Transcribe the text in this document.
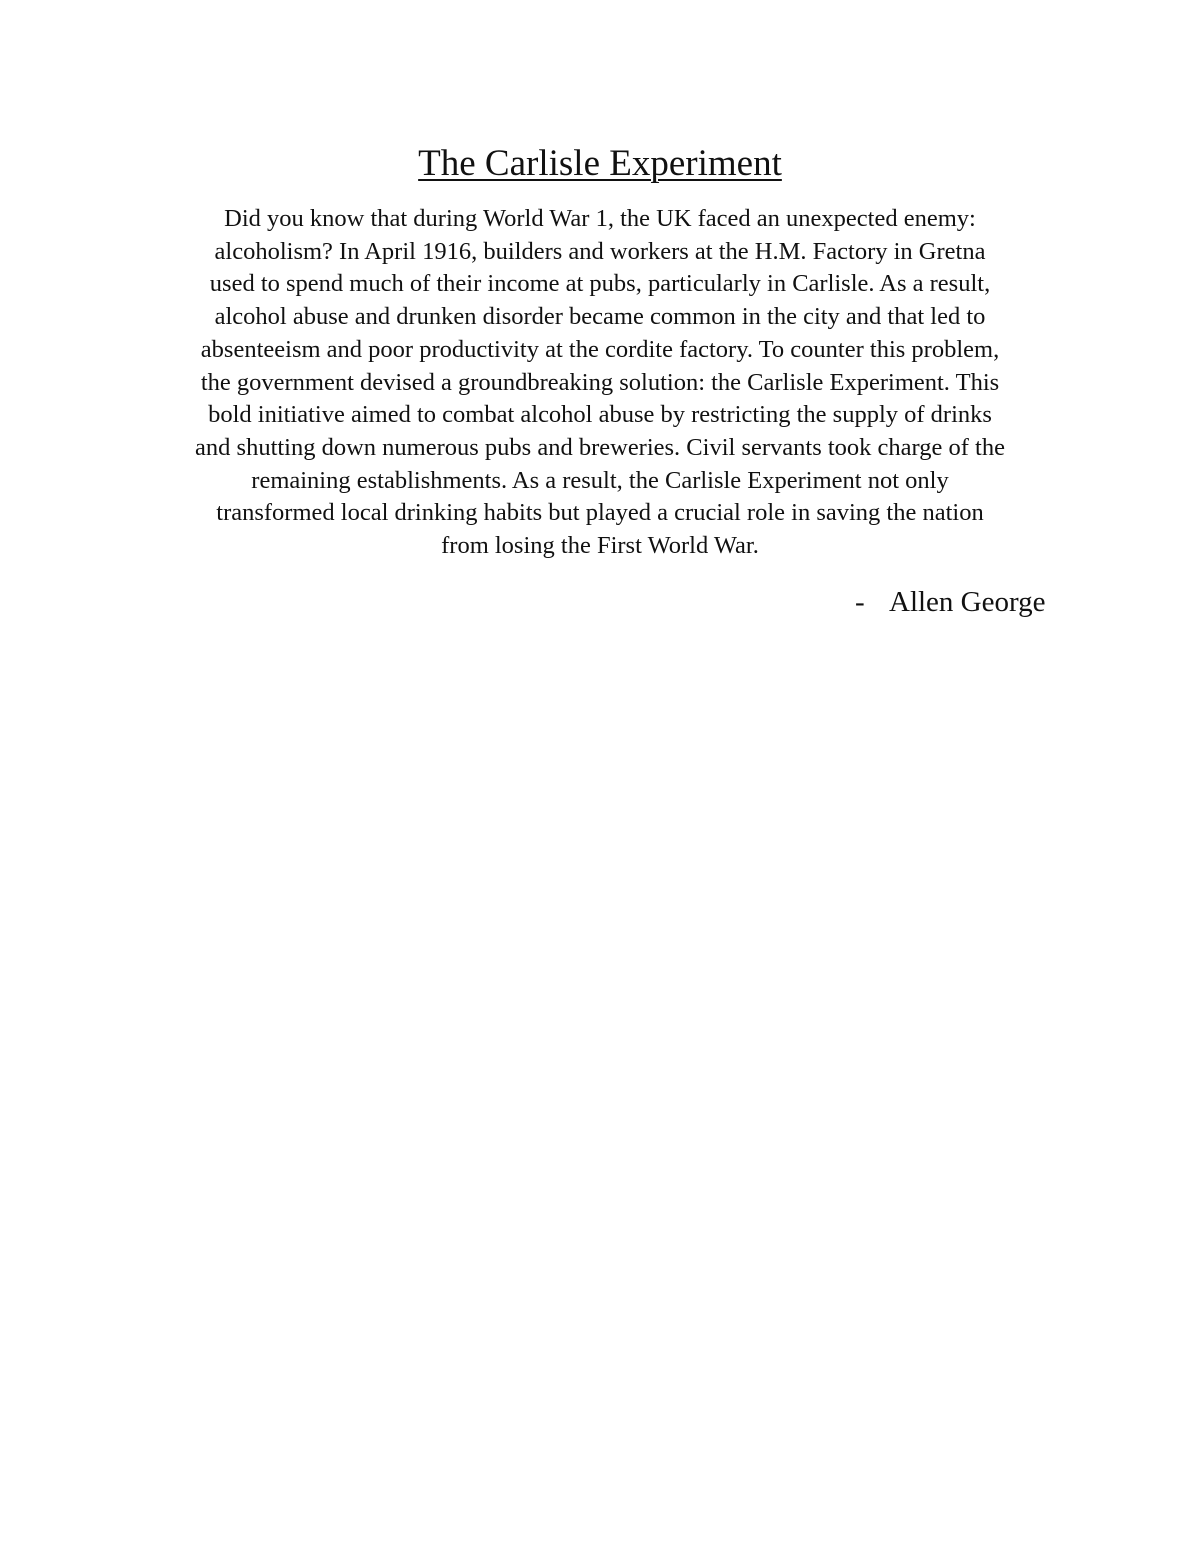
The Carlisle Experiment
Did you know that during World War 1, the UK faced an unexpected enemy:
alcoholism? In April 1916, builders and workers at the H.M. Factory in Gretna
used to spend much of their income at pubs, particularly in Carlisle. As a result,
alcohol abuse and drunken disorder became common in the city and that led to
absenteeism and poor productivity at the cordite factory. To counter this problem,
the government devised a groundbreaking solution: the Carlisle Experiment. This
bold initiative aimed to combat alcohol abuse by restricting the supply of drinks
and shutting down numerous pubs and breweries. Civil servants took charge of the
remaining establishments. As a result, the Carlisle Experiment not only
transformed local drinking habits but played a crucial role in saving the nation
from losing the First World War.
- Allen George
